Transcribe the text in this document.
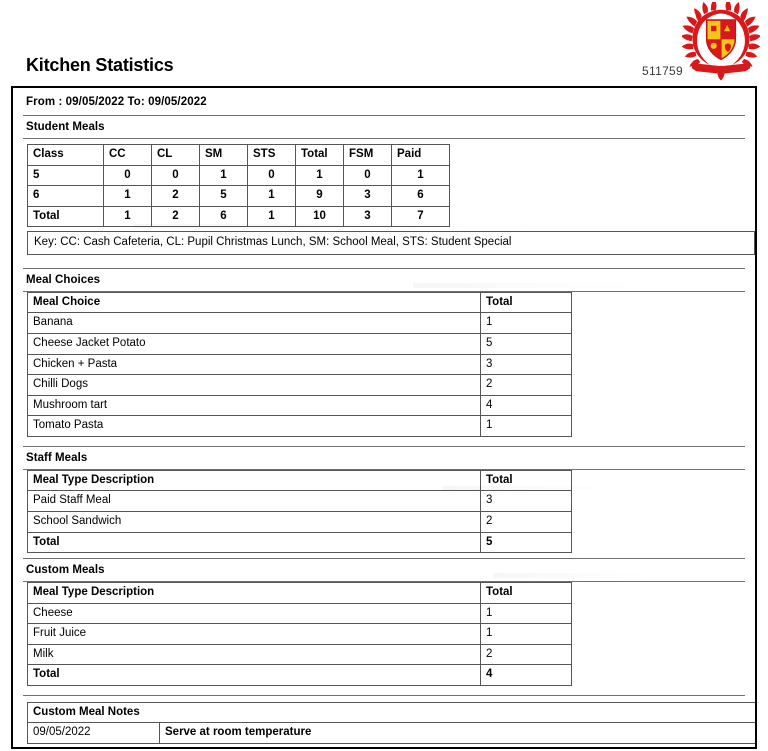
Kitchen Statistics	511759
From : 09/05/2022 To: 09/05/2022
Student Meals
Class	CC	CL	SM	STS	Total	FSM	Paid
5	0	0	1	0	1	0	1
6	1	2	5	1	9	3	6
Total	1	2	6	1	10	3	7
Key: CC: Cash Cafeteria, CL: Pupil Christmas Lunch, SM: School Meal, STS: Student Special
Meal Choices
Meal Choice	Total
Banana	1
Cheese Jacket Potato	5
Chicken + Pasta	3
Chilli Dogs	2
Mushroom tart	4
Tomato Pasta	1
Staff Meals
Meal Type Description	Total
Paid Staff Meal	3
School Sandwich	2
Total	5
Custom Meals
Meal Type Description	Total
Cheese	1
Fruit Juice	1
Milk	2
Total	4
Custom Meal Notes
09/05/2022	Serve at room temperature
